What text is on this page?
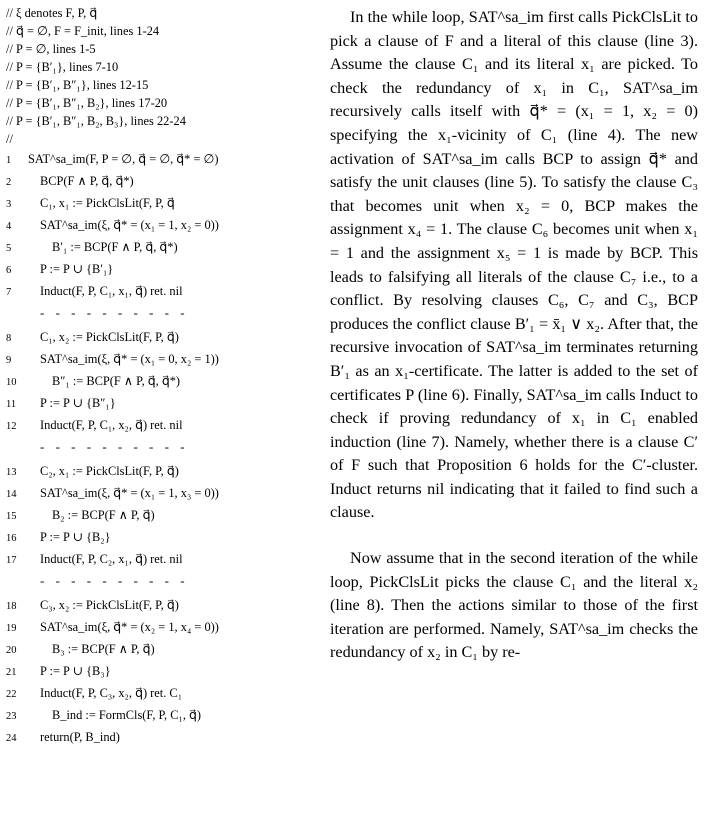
// ξ denotes F, P, q⃗
// q⃗ = ∅, F = F_init, lines 1-24
// P = ∅, lines 1-5
// P = {B′₁}, lines 7-10
// P = {B′₁, B″₁}, lines 12-15
// P = {B′₁, B″₁, B₂}, lines 17-20
// P = {B′₁, B″₁, B₂, B₃}, lines 22-24
//
1 SAT^sa_im(F, P = ∅, q⃗ = ∅, q⃗* = ∅)
2 BCP(F ∧ P, q⃗, q⃗*)
3 C₁, x₁ := PickClsLit(F, P, q⃗
4 SAT^sa_im(ξ, q⃗* = (x₁ = 1, x₂ = 0))
5	B′₁ := BCP(F ∧ P, q⃗, q⃗*)
6 P := P ∪ {B′₁}
7 Induct(F, P, C₁, x₁, q⃗) ret. nil
- - - - - - - - - -
8 C₁, x₂ := PickClsLit(F, P, q⃗)
9 SAT^sa_im(ξ, q⃗* = (x₁ = 0, x₂ = 1))
10	B″₁ := BCP(F ∧ P, q⃗, q⃗*)
11 P := P ∪ {B″₁}
12 Induct(F, P, C₁, x₂, q⃗) ret. nil
- - - - - - - - - -
13 C₂, x₁ := PickClsLit(F, P, q⃗)
14 SAT^sa_im(ξ, q⃗* = (x₁ = 1, x₃ = 0))
15	B₂ := BCP(F ∧ P, q⃗)
16 P := P ∪ {B₂}
17 Induct(F, P, C₂, x₁, q⃗) ret. nil
- - - - - - - - - -
18 C₃, x₂ := PickClsLit(F, P, q⃗)
19 SAT^sa_im(ξ, q⃗* = (x₂ = 1, x₄ = 0))
20	B₃ := BCP(F ∧ P, q⃗)
21 P := P ∪ {B₃}
22 Induct(F, P, C₃, x₂, q⃗) ret. C₁
23	B_ind := FormCls(F, P, C₁, q⃗)
24 return(P, B_ind)

In the while loop, SAT^sa_im first calls PickClsLit to pick a clause of F and a literal of this clause (line 3). Assume the clause C₁ and its literal x₁ are picked. To check the redundancy of x₁ in C₁, SAT^sa_im recursively calls itself with q⃗* = (x₁ = 1, x₂ = 0) specifying the x₁-vicinity of C₁ (line 4). The new activation of SAT^sa_im calls BCP to assign q⃗* and satisfy the unit clauses (line 5). To satisfy the clause C₃ that becomes unit when x₂ = 0, BCP makes the assignment x₄ = 1. The clause C₆ becomes unit when x₁ = 1 and the assignment x₅ = 1 is made by BCP. This leads to falsifying all literals of the clause C₇ i.e., to a conflict. By resolving clauses C₆, C₇ and C₃, BCP produces the conflict clause B′₁ = x̄₁ ∨ x₂. After that, the recursive invocation of SAT^sa_im terminates returning B′₁ as an x₁-certificate. The latter is added to the set of certificates P (line 6). Finally, SAT^sa_im calls Induct to check if proving redundancy of x₁ in C₁ enabled induction (line 7). Namely, whether there is a clause C′ of F such that Proposition 6 holds for the C′-cluster. Induct returns nil indicating that it failed to find such a clause.

Now assume that in the second iteration of the while loop, PickClsLit picks the clause C₁ and the literal x₂ (line 8). Then the actions similar to those of the first iteration are performed. Namely, SAT^sa_im checks the redundancy of x₂ in C₁ by re-
